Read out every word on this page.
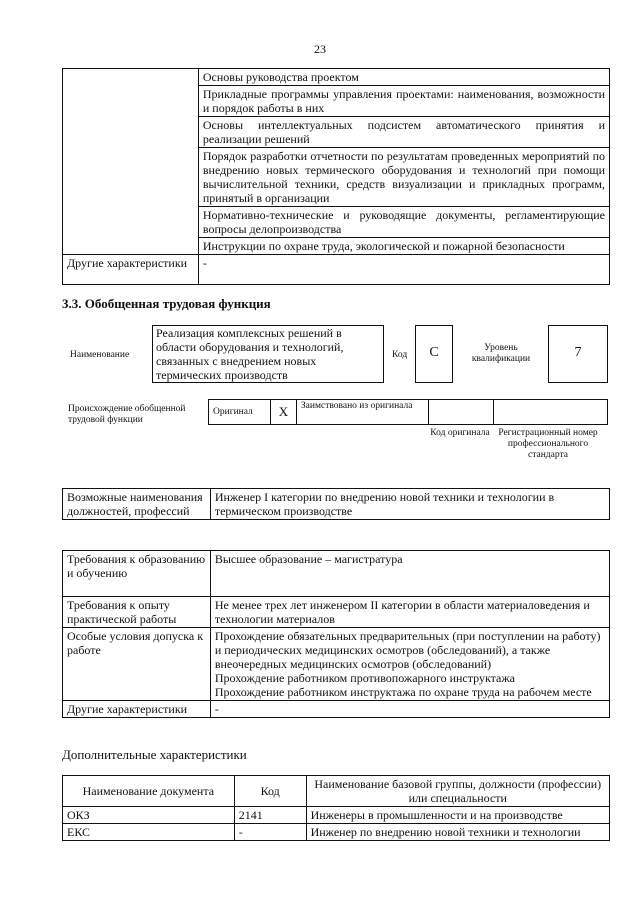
23
	Основы руководства проектом
	Прикладные программы управления проектами: наименования, возможности и порядок работы в них
	Основы интеллектуальных подсистем автоматического принятия и реализации решений
	Порядок разработки отчетности по результатам проведенных мероприятий по внедрению новых термического оборудования и технологий при помощи вычислительной техники, средств визуализации и прикладных программ, принятый в организации
	Нормативно-технические и руководящие документы, регламентирующие вопросы делопроизводства
	Инструкции по охране труда, экологической и пожарной безопасности
Другие характеристики	-
3.3. Обобщенная трудовая функция
Наименование
Реализация комплексных решений в области оборудования и технологий, связанных с внедрением новых термических производств
Код	C	Уровень квалификации	7
Происхождение обобщенной трудовой функции
Оригинал	X	Заимствовано из оригинала		
Код оригинала Регистрационный номер профессионального стандарта
Возможные наименования должностей, профессий	Инженер I категории по внедрению новой техники и технологии в термическом производстве
Требования к образованию и обучению	Высшее образование – магистратура
Требования к опыту практической работы	Не менее трех лет инженером II категории в области материаловедения и технологии материалов
Особые условия допуска к работе	Прохождение обязательных предварительных (при поступлении на работу) и периодических медицинских осмотров (обследований), а также внеочередных медицинских осмотров (обследований)
Прохождение работником противопожарного инструктажа
Прохождение работником инструктажа по охране труда на рабочем месте

Другие характеристики	-
Дополнительные характеристики
Наименование документа	Код	Наименование базовой группы, должности (профессии) или специальности
ОКЗ	2141	Инженеры в промышленности и на производстве
ЕКС	-	Инженер по внедрению новой техники и технологии
